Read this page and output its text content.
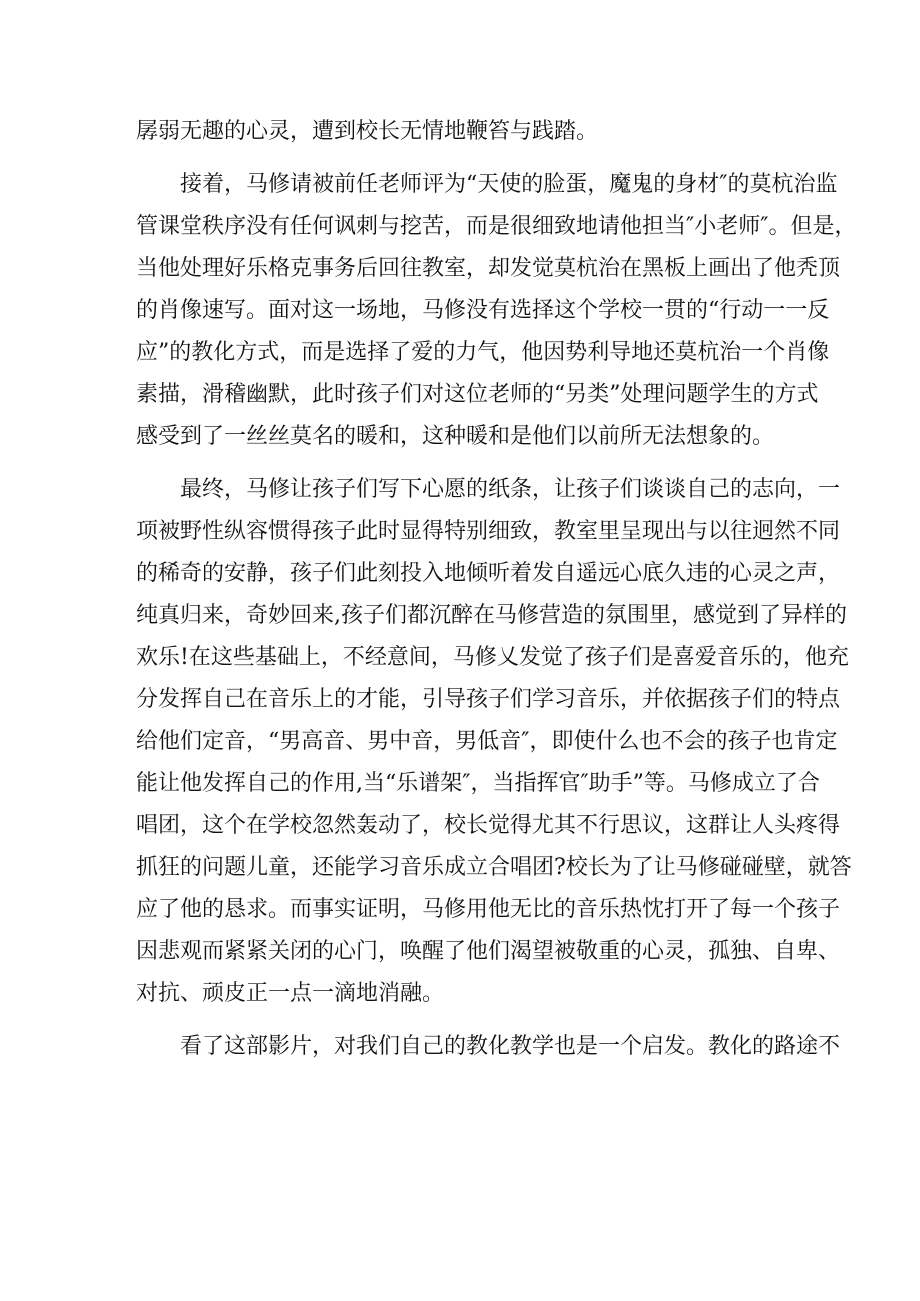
孱弱无趣的心灵，遭到校长无情地鞭笞与践踏。
　　接着，马修请被前任老师评为“天使的脸蛋，魔鬼的身材″的莫杭治监
管课堂秩序没有任何讽刺与挖苦，而是很细致地请他担当″小老师″。但是，
当他处理好乐格克事务后回往教室，却发觉莫杭治在黑板上画出了他秃顶
的肖像速写。面对这一场地，马修没有选择这个学校一贯的“行动一一反
应”的教化方式，而是选择了爱的力气，他因势利导地还莫杭治一个肖像
素描，滑稽幽默，此时孩子们对这位老师的“另类”处理问题学生的方式
感受到了一丝丝莫名的暖和，这种暖和是他们以前所无法想象的。
　　最终，马修让孩子们写下心愿的纸条，让孩子们谈谈自己的志向，一
项被野性纵容惯得孩子此时显得特别细致，教室里呈现出与以往迥然不同
的稀奇的安静，孩子们此刻投入地倾听着发自遥远心底久违的心灵之声，
纯真归来，奇妙回来,孩子们都沉醉在马修营造的氛围里，感觉到了异样的
欢乐!在这些基础上，不经意间，马修乂发觉了孩子们是喜爱音乐的，他充
分发挥自己在音乐上的才能，引导孩子们学习音乐，并依据孩子们的特点
给他们定音，“男高音、男中音，男低音″，即使什么也不会的孩子也肯定
能让他发挥自己的作用,当“乐谱架″，当指挥官″助手”等。马修成立了合
唱团，这个在学校忽然轰动了，校长觉得尤其不行思议，这群让人头疼得
抓狂的问题儿童，还能学习音乐成立合唱团?校长为了让马修碰碰壁，就答
应了他的恳求。而事实证明，马修用他无比的音乐热忱打开了每一个孩子
因悲观而紧紧关闭的心门，唤醒了他们渴望被敬重的心灵，孤独、自卑、
对抗、顽皮正一点一滴地消融。
　　看了这部影片，对我们自己的教化教学也是一个启发。教化的路途不
